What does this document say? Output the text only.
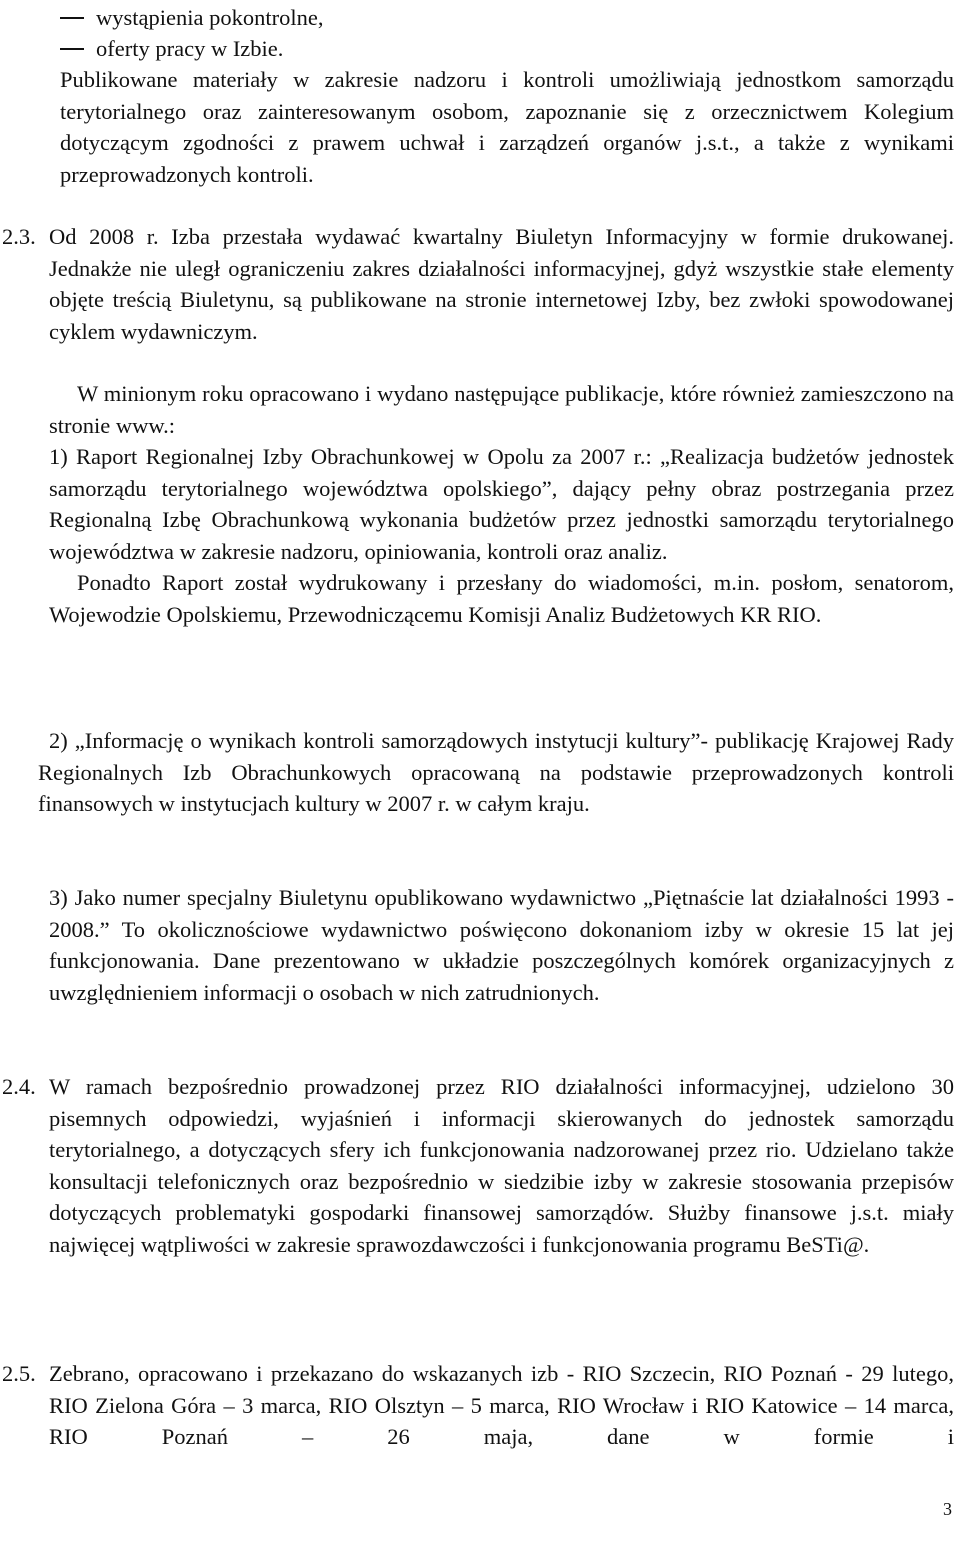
wystąpienia pokontrolne,
oferty pracy w Izbie.

Publikowane materiały w zakresie nadzoru i kontroli umożliwiają jednostkom samorządu terytorialnego oraz zainteresowanym osobom, zapoznanie się z orzecznictwem Kolegium dotyczącym zgodności z prawem uchwał i zarządzeń organów j.s.t., a także z wynikami przeprowadzonych kontroli.

2.3. Od 2008 r. Izba przestała wydawać kwartalny Biuletyn Informacyjny w formie drukowanej. Jednakże nie uległ ograniczeniu zakres działalności informacyjnej, gdyż wszystkie stałe elementy objęte treścią Biuletynu, są publikowane na stronie internetowej Izby, bez zwłoki spowodowanej cyklem wydawniczym.

W minionym roku opracowano i wydano następujące publikacje, które również zamieszczono na stronie www.:

1) Raport Regionalnej Izby Obrachunkowej w Opolu za 2007 r.: „Realizacja budżetów jednostek samorządu terytorialnego województwa opolskiego”, dający pełny obraz postrzegania przez Regionalną Izbę Obrachunkową wykonania budżetów przez jednostki samorządu terytorialnego województwa w zakresie nadzoru, opiniowania, kontroli oraz analiz.

Ponadto Raport został wydrukowany i przesłany do wiadomości, m.in. posłom, senatorom, Wojewodzie Opolskiemu, Przewodniczącemu Komisji Analiz Budżetowych KR RIO.

2) „Informację o wynikach kontroli samorządowych instytucji kultury”- publikację Krajowej Rady Regionalnych Izb Obrachunkowych opracowaną na podstawie przeprowadzonych kontroli finansowych w instytucjach kultury w 2007 r. w całym kraju.

3) Jako numer specjalny Biuletynu opublikowano wydawnictwo „Piętnaście lat działalności 1993 - 2008.” To okolicznościowe wydawnictwo poświęcono dokonaniom izby w okresie 15 lat jej funkcjonowania. Dane prezentowano w układzie poszczególnych komórek organizacyjnych z uwzględnieniem informacji o osobach w nich zatrudnionych.

2.4. W ramach bezpośrednio prowadzonej przez RIO działalności informacyjnej, udzielono 30 pisemnych odpowiedzi, wyjaśnień i informacji skierowanych do jednostek samorządu terytorialnego, a dotyczących sfery ich funkcjonowania nadzorowanej przez rio. Udzielano także konsultacji telefonicznych oraz bezpośrednio w siedzibie izby w zakresie stosowania przepisów dotyczących problematyki gospodarki finansowej samorządów. Służby finansowe j.s.t. miały najwięcej wątpliwości w zakresie sprawozdawczości i funkcjonowania programu BeSTi@.

2.5. Zebrano, opracowano i przekazano do wskazanych izb - RIO Szczecin, RIO Poznań - 29 lutego, RIO Zielona Góra – 3 marca, RIO Olsztyn – 5 marca, RIO Wrocław i RIO Katowice – 14 marca, RIO Poznań – 26 maja, dane w formie i

3
